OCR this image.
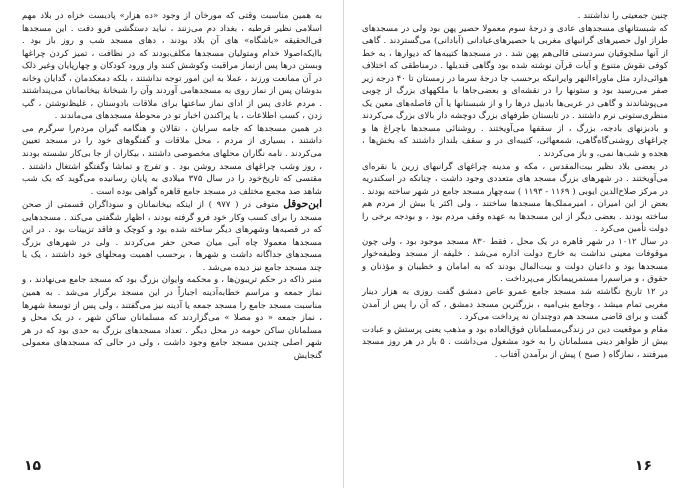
به همین مناسبت وقتی که مورخان از وجود «ده هزار» پادیست‌ خزاه در بلاد مهم اسلامی نظیر قرطبه ، بغداد دم می‌زنند ، نباید دستگشی فرو دفت . این مسجدها فی‌الحقیقه «باشگاه» های آن بلاد بودند ، دهای مسجد شب و روز باز بود . باایکه‌اصولا خدام ومتولیان مسجدها مکلف‌بودند که در نظافت ، تمیز کردن چراغها وبستن درها پس ازنماز مراقبت وکوشش کنند واز ورود کودکان و چهارپایان وغیر ذلک در آن ممانعت ورزند ، عملا به این امور توجه نداشتند ، بلکه دمعکدمان ، گدایان وخانه بدوشان پس از نماز روی به مسجدهامی آوردند وآن را شبخانهٔ بیخانمانان می‌پنداشتند . مردم عادی پس‌ از ادای نماز ساعتها برای ملاقات بادوستان ، غلیظ‌نوشتن ، گپ زدن ، کسب اطلاعات ، یا پراکندن اخبار تو در محوطهٔ مسجدهای می‌ماندند .

در همین مسجدها که جامه سرایان ، نقالان و هنگامه گیران مردم‌را سرگرم می داشتند ، بسیاری از مردم ، محل ملاقات و گفتگوهای خود را در مسجد تعیین می‌کردند . نامه نگاران محلهای مخصوصی داشتند ، بیکاران از جا بی‌کار نشسته بودند ، روز وشب چراغهای مسجد روشن بود . و تفرج و تماشا وگفتگو اشتغال داشتند . مقتسی که تاریخ‌خود را در سال ۳۷۵ میلادی به پایان رسانیده می‌گوید که یک شب شاهد صد مجمع مختلف در مسجد جامع قاهره گواهی بوده است .

ابن‌حوقل متوفی در ( ۹۷۷ ) از اینکه بیخانمانان و سوداگران قسمتی از صحن مسجد را برای کسب وکار خود فرو گرفته بودند ، اظهار شگفتی می‌کند . مسجدهایی که در قصبه‌ها وشهرهای دیگر ساخته شده بود و کوچک و فاقد تزیینات بود . در این مسجدها معمولا چاه آبی میان صحن حفر می‌کردند . ولی در شهرهای بزرگ مسجدهای جداگانه داشت و شهرها ، برحسب اهمیت ومحلهای خود داشتند ، یک یا چند مسجد جامع نیز دیده می‌شد .

منبر ذاکه در حکم تریبون‌ها ، و محکمه وایوان بزرگ بود که مسجد جامع می‌نهادند ، و نماز جمعه و مراسم خطابه‌آدینه اجباراً در این مسجد برگزار می‌شد . به همین مناسبت مسجد جامع را مسجد جمعه یا آدینه نیز می‌گفتند ، ولی پس از توسعهٔ شهرها ، نماز جمعه « دو مصلا » می‌گزاردند که مسلمانان ساکن شهر ، در یک محل و مسلمانان ساکن حومه در محل دیگر . تعداد مسجدهای بزرگ به حدی بود که در هر شهر اصلی چندین مسجد جامع وجود داشت ، ولی در حالی که مسجدهای معمولی گنجایش

۱۵

چنین جمعیتی را نداشتند .

که شبستانهای مسجدهای عادی و درجهٔ سوم معمولا حصیر پهن بود ولی در مسجدهای طراز اول حصیرهای گرانبهای مغربی یا حصیرهای‌عبادانی (آبادانی) می‌گستردند . گاهی از آنها سلجوقیان سردستی قالی‌هم پهن شد . در مسجدها کتیبه‌ها که دیوارها ، به خط کوفی نقوش متنوع و آیات قرآن نوشته شده بود وگاهی قندیلها . درمناطقی که اختلاف هوائی‌دارد مثل ماوراءالنهر وایرانیکه برحسب جا درجهٔ سرما در زمستان تا ۴۰ درجه زیر صفر می‌رسید بود و ستونها را در نقشه‌ای و بعضی‌جاها با ملکههای بزرگ از چوبی می‌پوشاندند و گاهی در عربی‌ها بادبیل درها را و از شبستانها یا آن فاصله‌های معین یک منظر‌ی‌ستونی نرم داشتند . در تابستان طرفهای بزرگ دوچشه دار بالای بزرگ می‌کردند و بادبزنهای بادجه، بزرگ ، از سقفها می‌آویختند . روشنائی مسجدها باچراغ ها و چراغهای روشنی‌گاه‌گاهی، شمعهائی، کتیبه‌ای در و سقف بلنداز داشتند که بخش‌ها ، هجده و شب‌ها نمی، و باز می‌کردند .

در بعضی بلاد نظیر بیت‌المقدس ، مکه و مدینه چراغهای گرانبهای زرین یا نقره‌ای می‌آویختند . در شهرهای بزرگ مسجد های متعددی وجود داشت ، چنانکه در اسکندریه در مرکز صلاح‌الدین ایوبی ( ۱۱۶۹ - ۱۱۹۳ ) سه‌چهار مسجد جامع در شهر ساخته بودند . بعض از این امیران ، امیرمملک‌ها مسجدها ساختند ، ولی اکثر یا بیش از مردم هم ساخته بودند . بعضی دیگر از این مسجدها به عهده وقف مردم بود ، و بودجه برخی را دولت تأمین می‌کرد .

در سال ۱۰۱۲ در شهر قاهره در یک محل ، فقط ۸۳۰ مسجد موجود بود ، ولی چون موقوفات معینی نداشت به خارج دولت اداره می‌شد . خلیفه از مسجد وظیفه‌خوار مسجد‌ها بود و داعیان دولت و بیت‌المال بودند که به امامان و خطیبان و مؤذنان و حقوق ، و مراسم‌را مستمر‌پیمانکار می‌پرداخت .

در ۱۲ تاریخ نگاشته‌ شد مسجد جامع عمرو عاص دمشق‌ گفت‌ روزی به هزار دینار مغربی تمام میشد ، وجامع بنی‌امیه ، بزرگترین مسجد دمشق ، که آن را پس از آمدن گفت‌ و برای قاضی مسجد هم دوچندان نه پرداخت می‌کرد .

مقام و موقعیت دین در زندگی‌مسلمانان فوق‌العاده بود و مذهب یعنی پرستش و عبادت بیش از ظواهر دینی مسلمانان را به خود مشغول می‌داشت . ۵ بار در هر روز مسجد میرفتند ، نمازگاه ( صبح ) پیش از برآمدن آفتاب .

۱۶
